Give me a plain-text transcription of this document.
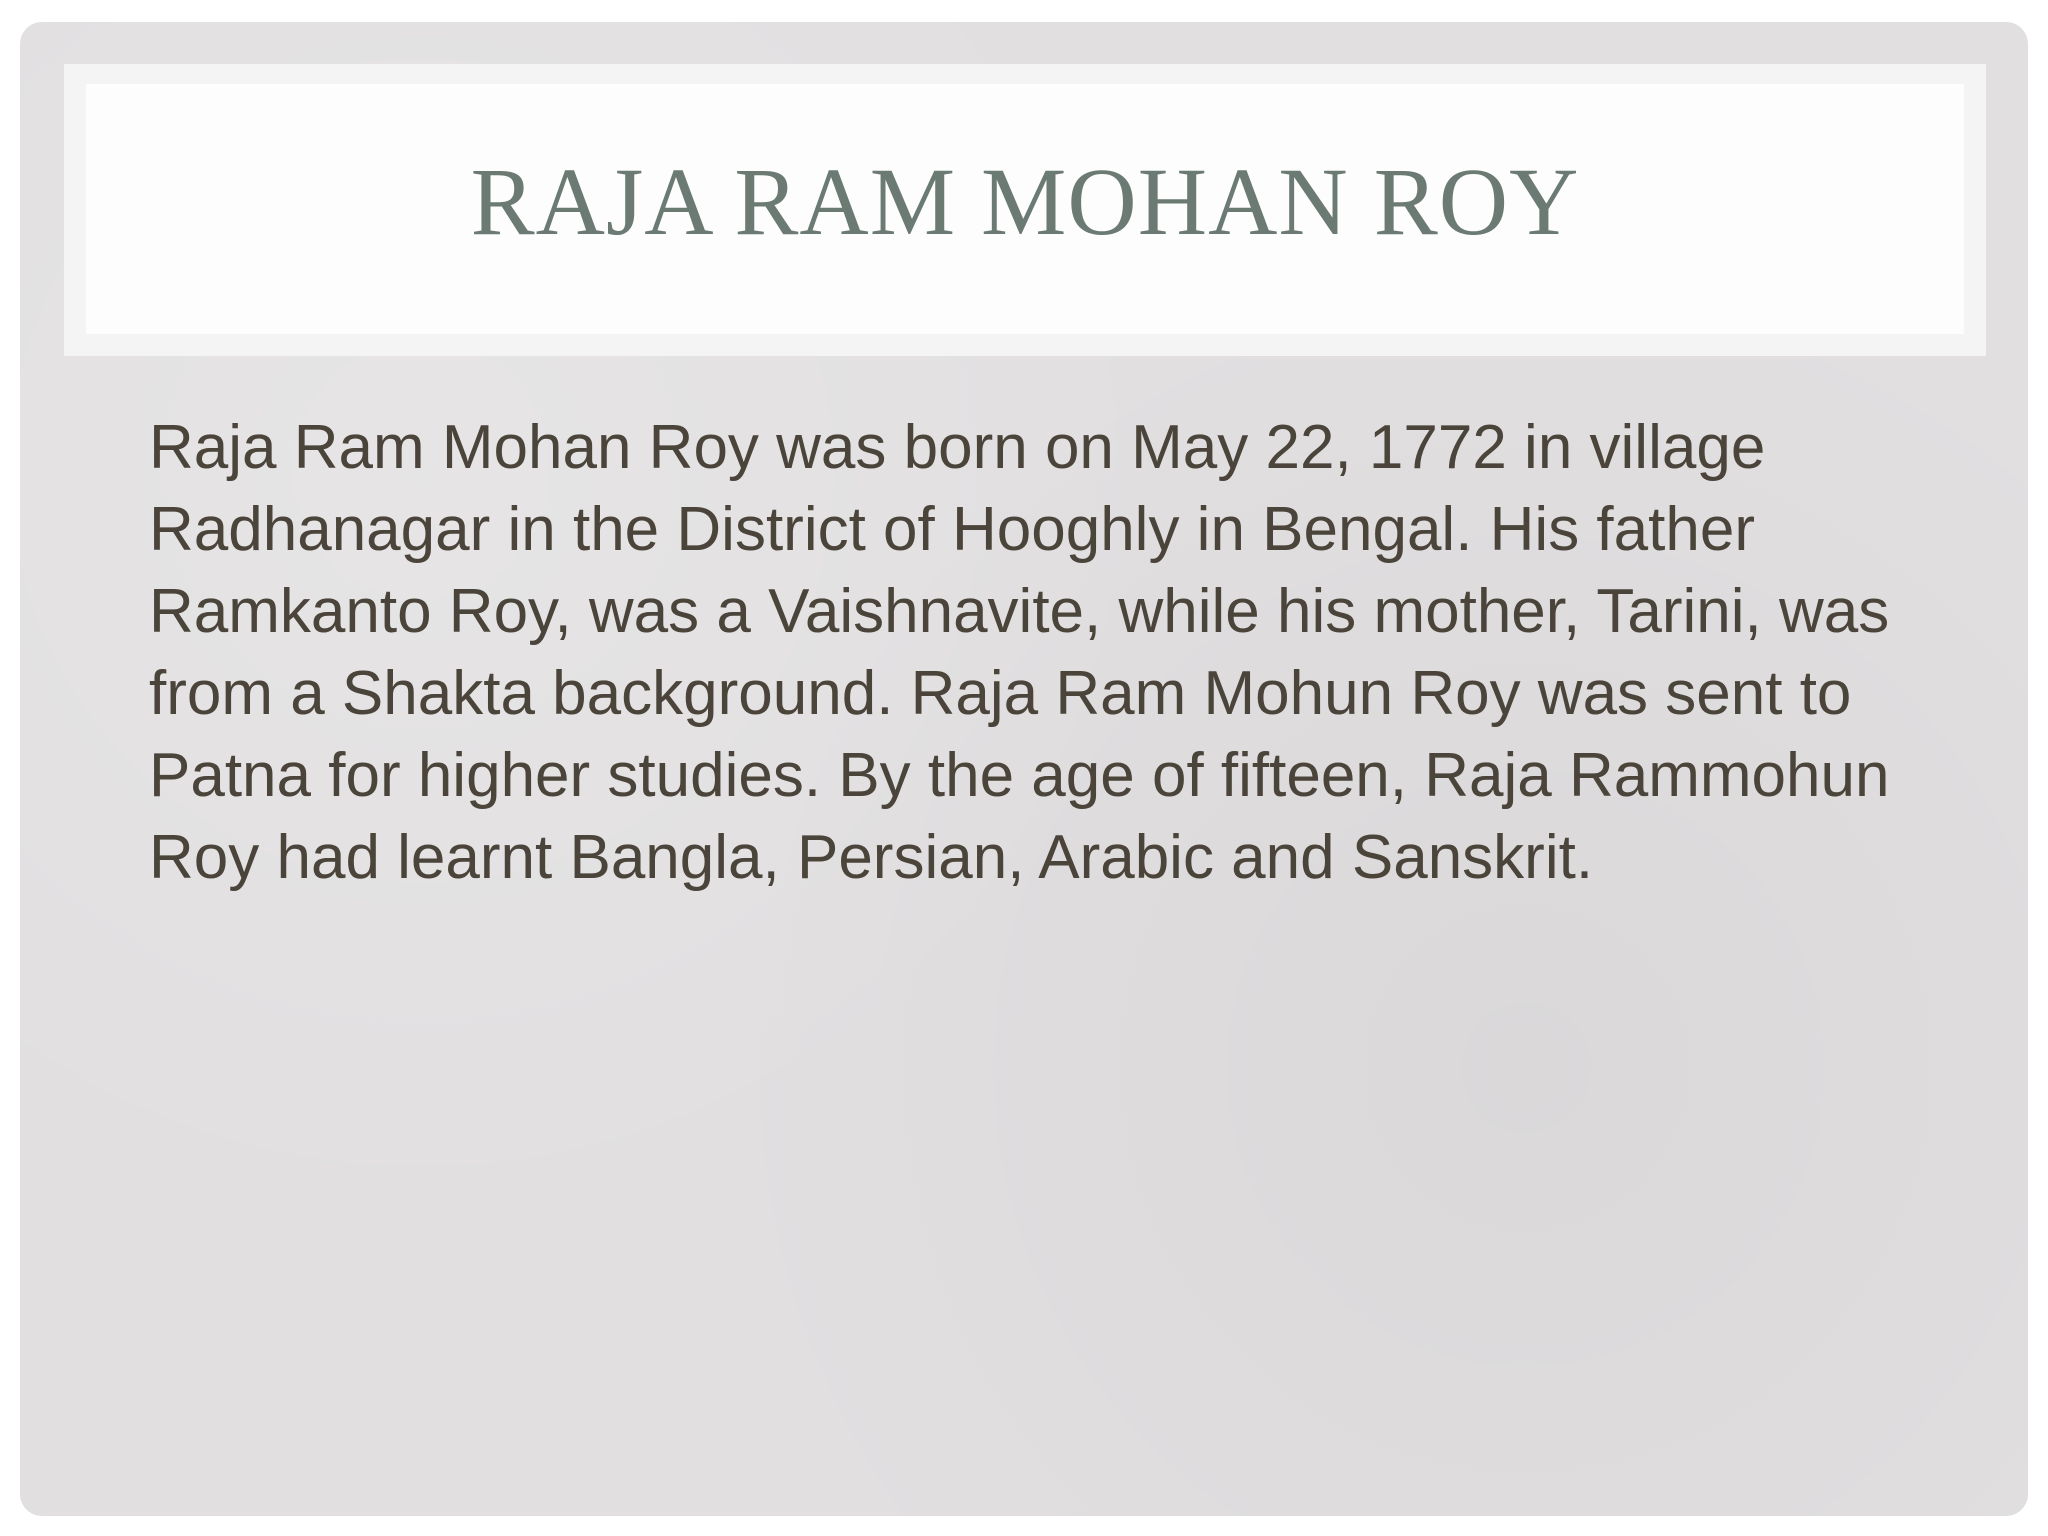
RAJA RAM MOHAN ROY

Raja Ram Mohan Roy was born on May 22, 1772 in village Radhanagar in the District of Hooghly in Bengal. His father Ramkanto Roy, was a Vaishnavite, while his mother, Tarini, was from a Shakta background. Raja Ram Mohun Roy was sent to Patna for higher studies. By the age of fifteen, Raja Rammohun Roy had learnt Bangla, Persian, Arabic and Sanskrit.
